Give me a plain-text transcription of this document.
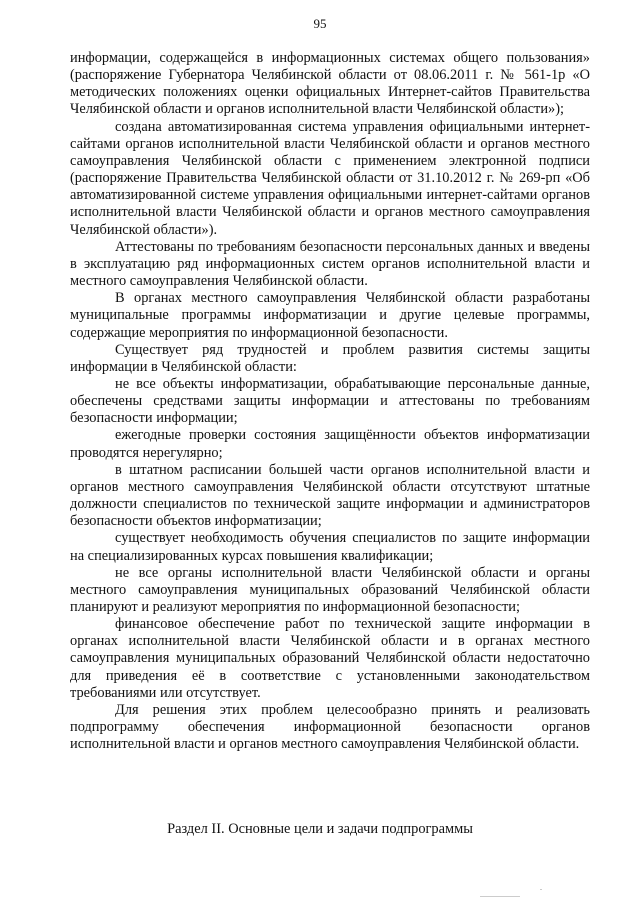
95

информации, содержащейся в информационных системах общего пользования» (распоряжение Губернатора Челябинской области от 08.06.2011 г. № 561-1р «О методических положениях оценки официальных Интернет-сайтов Правительства Челябинской области и органов исполнительной власти Челябинской области»);

создана автоматизированная система управления официальными интернет-сайтами органов исполнительной власти Челябинской области и органов местного самоуправления Челябинской области с применением электронной подписи (распоряжение Правительства Челябинской области от 31.10.2012 г. № 269-рп «Об автоматизированной системе управления официальными интернет-сайтами органов исполнительной власти Челябинской области и органов местного самоуправления Челябинской области»).

Аттестованы по требованиям безопасности персональных данных и введены в эксплуатацию ряд информационных систем органов исполнительной власти и местного самоуправления Челябинской области.

В органах местного самоуправления Челябинской области разработаны муниципальные программы информатизации и другие целевые программы, содержащие мероприятия по информационной безопасности.

Существует ряд трудностей и проблем развития системы защиты информации в Челябинской области:

не все объекты информатизации, обрабатывающие персональные данные, обеспечены средствами защиты информации и аттестованы по требованиям безопасности информации;

ежегодные проверки состояния защищённости объектов информатизации проводятся нерегулярно;

в штатном расписании большей части органов исполнительной власти и органов местного самоуправления Челябинской области отсутствуют штатные должности специалистов по технической защите информации и администраторов безопасности объектов информатизации;

существует необходимость обучения специалистов по защите информации на специализированных курсах повышения квалификации;

не все органы исполнительной власти Челябинской области и органы местного самоуправления муниципальных образований Челябинской области планируют и реализуют мероприятия по информационной безопасности;

финансовое обеспечение работ по технической защите информации в органах исполнительной власти Челябинской области и в органах местного самоуправления муниципальных образований Челябинской области недостаточно для приведения её в соответствие с установленными законодательством требованиями или отсутствует.

Для решения этих проблем целесообразно принять и реализовать подпрограмму обеспечения информационной безопасности органов исполнительной власти и органов местного самоуправления Челябинской области.

Раздел II. Основные цели и задачи подпрограммы
.
